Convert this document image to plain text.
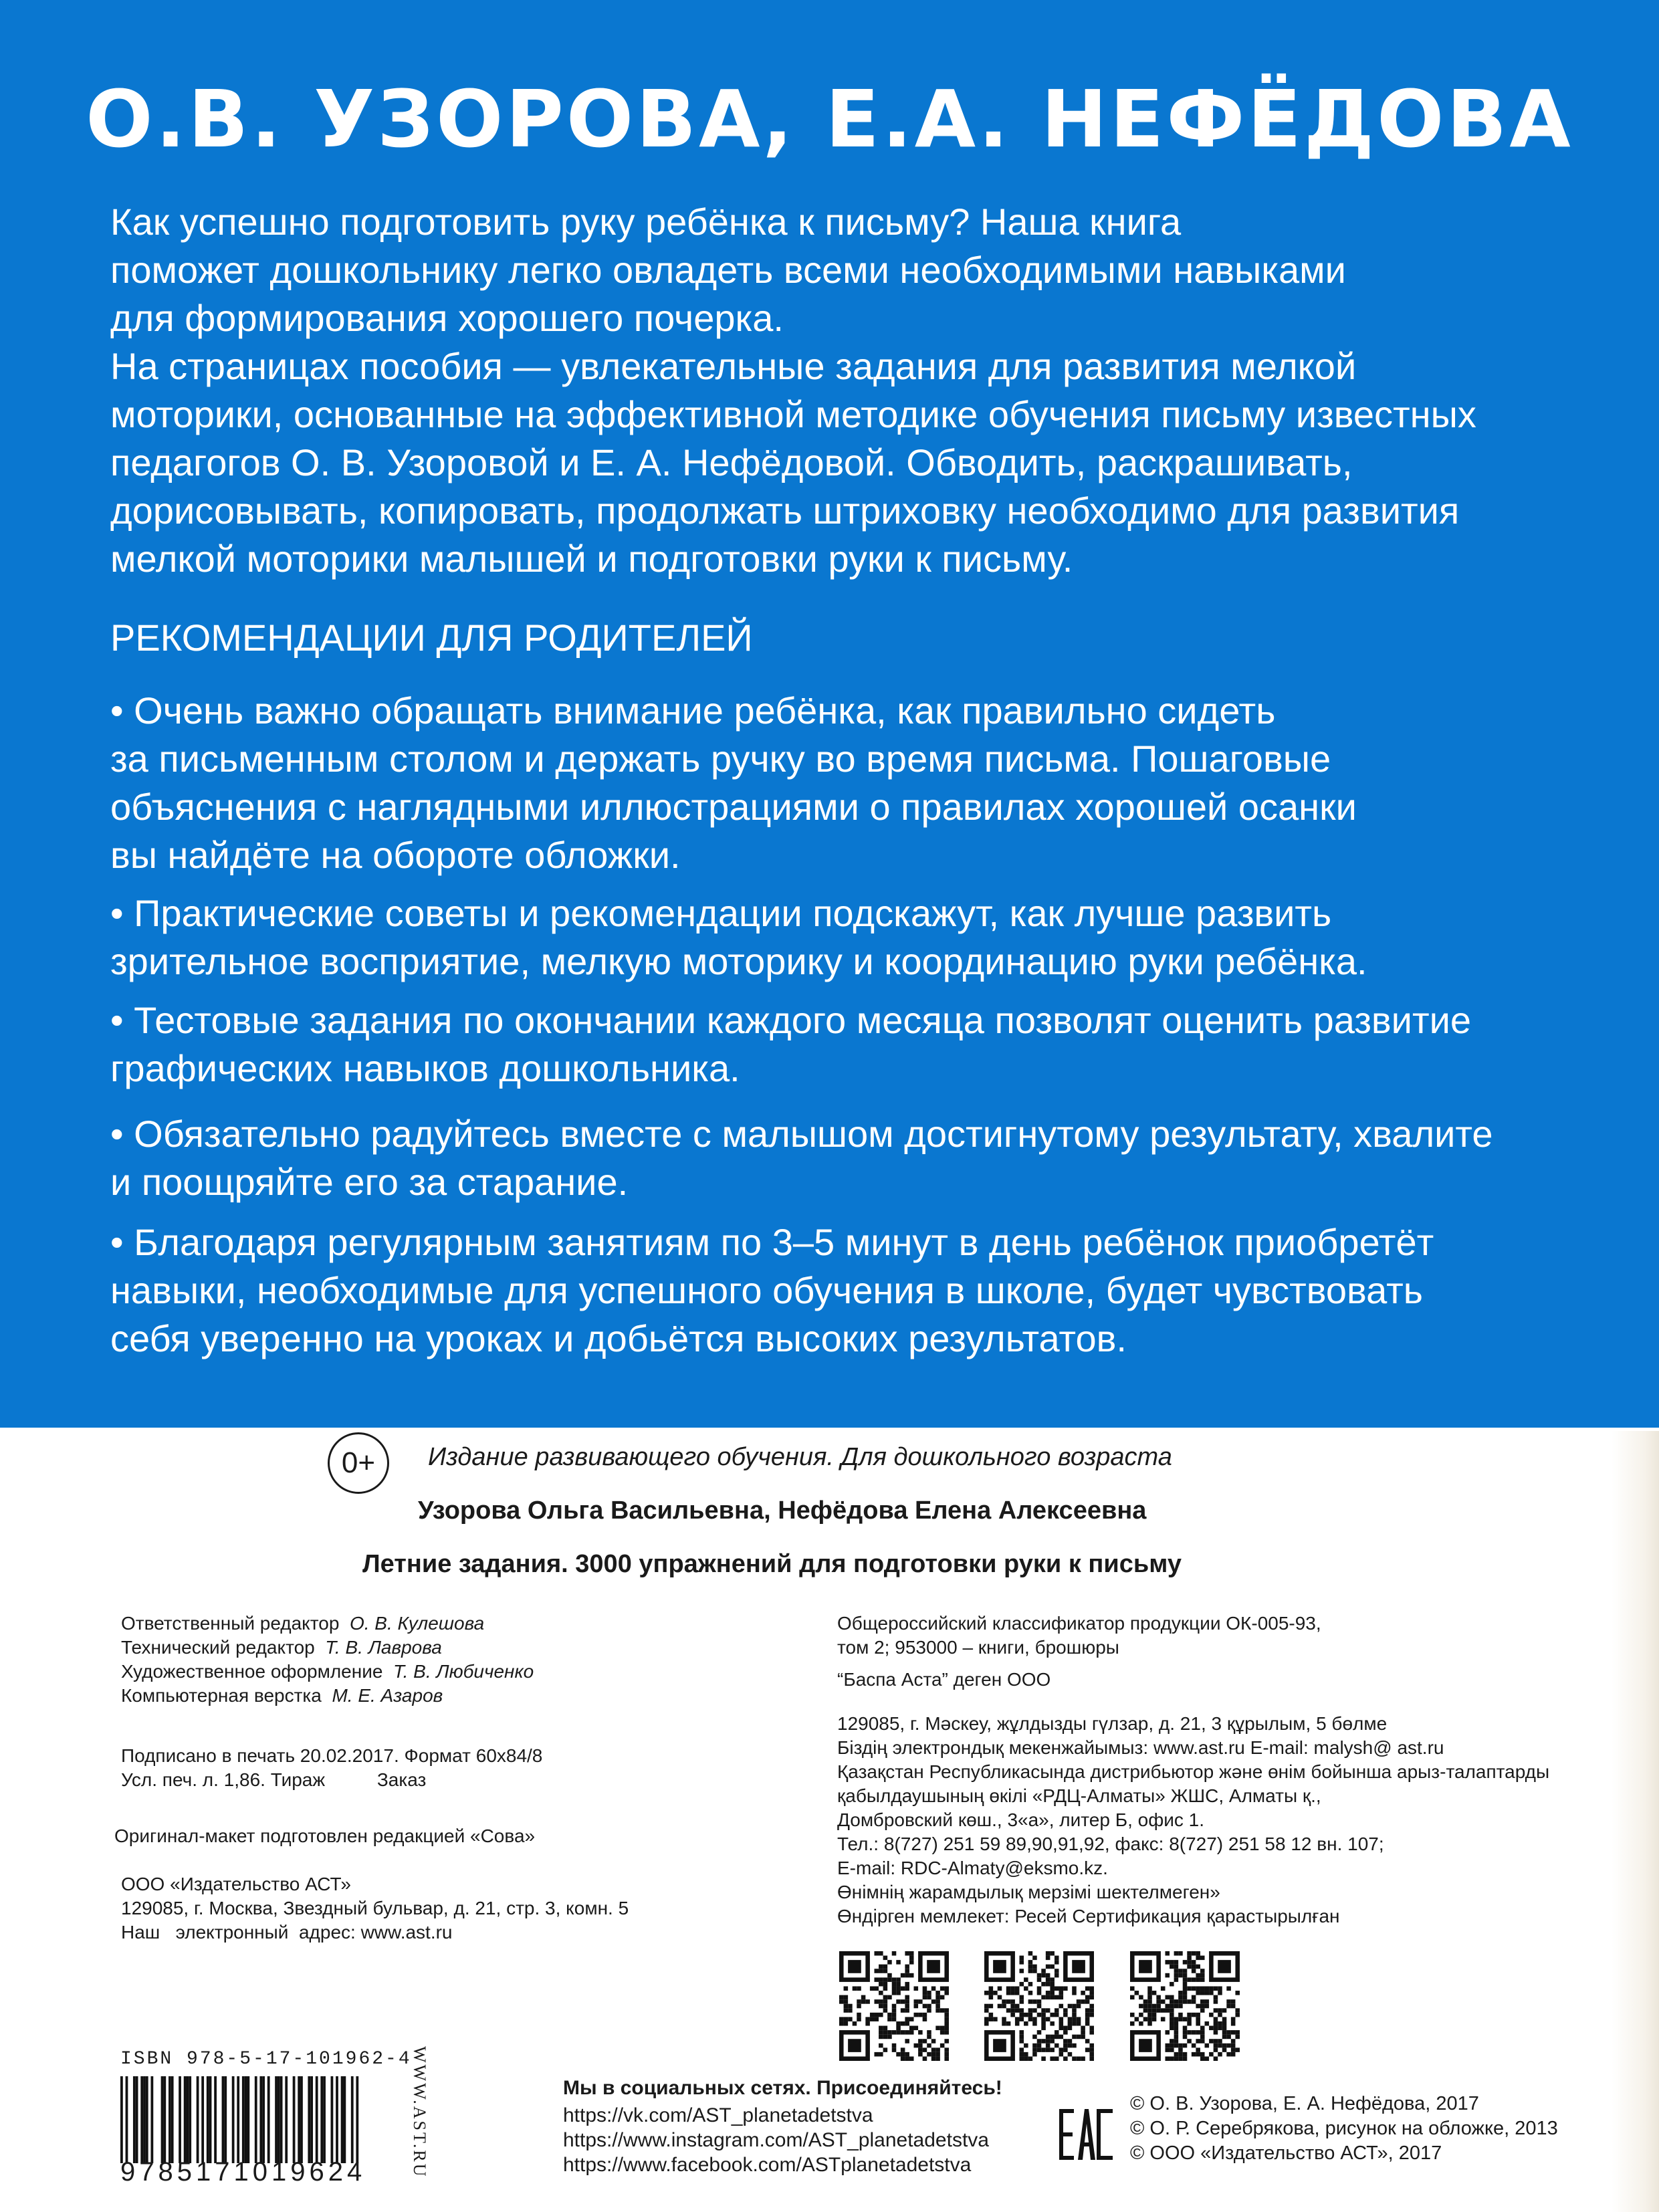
О.В. УЗОРОВА, Е.А. НЕФЁДОВА
Как успешно подготовить руку ребёнка к письму? Наша книга
поможет дошкольнику легко овладеть всеми необходимыми навыками
для формирования хорошего почерка.
На страницах пособия — увлекательные задания для развития мелкой
моторики, основанные на эффективной методике обучения письму известных
педагогов О. В. Узоровой и Е. А. Нефёдовой. Обводить, раскрашивать,
дорисовывать, копировать, продолжать штриховку необходимо для развития
мелкой моторики малышей и подготовки руки к письму.
РЕКОМЕНДАЦИИ ДЛЯ РОДИТЕЛЕЙ
• Очень важно обращать внимание ребёнка, как правильно сидеть
за письменным столом и держать ручку во время письма. Пошаговые
объяснения с наглядными иллюстрациями о правилах хорошей осанки
вы найдёте на обороте обложки.
• Практические советы и рекомендации подскажут, как лучше развить
зрительное восприятие, мелкую моторику и координацию руки ребёнка.
• Тестовые задания по окончании каждого месяца позволят оценить развитие
графических навыков дошкольника.
• Обязательно радуйтесь вместе с малышом достигнутому результату, хвалите
и поощряйте его за старание.
• Благодаря регулярным занятиям по 3–5 минут в день ребёнок приобретёт
навыки, необходимые для успешного обучения в школе, будет чувствовать
себя уверенно на уроках и добьётся высоких результатов.
0+	Издание развивающего обучения. Для дошкольного возраста
Узорова Ольга Васильевна, Нефёдова Елена Алексеевна
Летние задания. 3000 упражнений для подготовки руки к письму
Ответственный редактор О. В. Кулешова
Технический редактор Т. В. Лаврова
Художественное оформление Т. В. Любиченко
Компьютерная верстка М. Е. Азаров
Подписано в печать 20.02.2017. Формат 60x84/8
Усл. печ. л. 1,86. Тираж          Заказ
Оригинал-макет подготовлен редакцией «Сова»
ООО «Издательство АСТ»
129085, г. Москва, Звездный бульвар, д. 21, стр. 3, комн. 5
Наш   электронный  адрес: www.ast.ru
Общероссийский классификатор продукции ОК-005-93,
том 2; 953000 – книги, брошюры
“Баспа Аста” деген ООО
129085, г. Мәскеу, жұлдызды гүлзар, д. 21, 3 құрылым, 5 бөлме
Біздің электрондық мекенжайымыз: www.ast.ru E-mail: malysh@ ast.ru
Қазақстан Республикасында дистрибьютор және өнім бойынша арыз-талаптарды
қабылдаушының өкілі «РДЦ-Алматы» ЖШС, Алматы қ.,
Домбровский көш., 3«а», литер Б, офис 1.
Тел.: 8(727) 251 59 89,90,91,92, факс: 8(727) 251 58 12 вн. 107;
E-mail: RDC-Almaty@eksmo.kz.
Өнімнің жарамдылық мерзімі шектелмеген»
Өндірген мемлекет: Ресей Сертификация қарастырылған
ISBN 978-5-17-101962-4
9785171019624	WWW.AST.RU	Мы в социальных сетях. Присоединяйтесь!
https://vk.com/AST_planetadetstva
https://www.instagram.com/AST_planetadetstva
https://www.facebook.com/ASTplanetadetstva
© О. В. Узорова, Е. А. Нефёдова, 2017
© О. Р. Серебрякова, рисунок на обложке, 2013
© ООО «Издательство АСТ», 2017
